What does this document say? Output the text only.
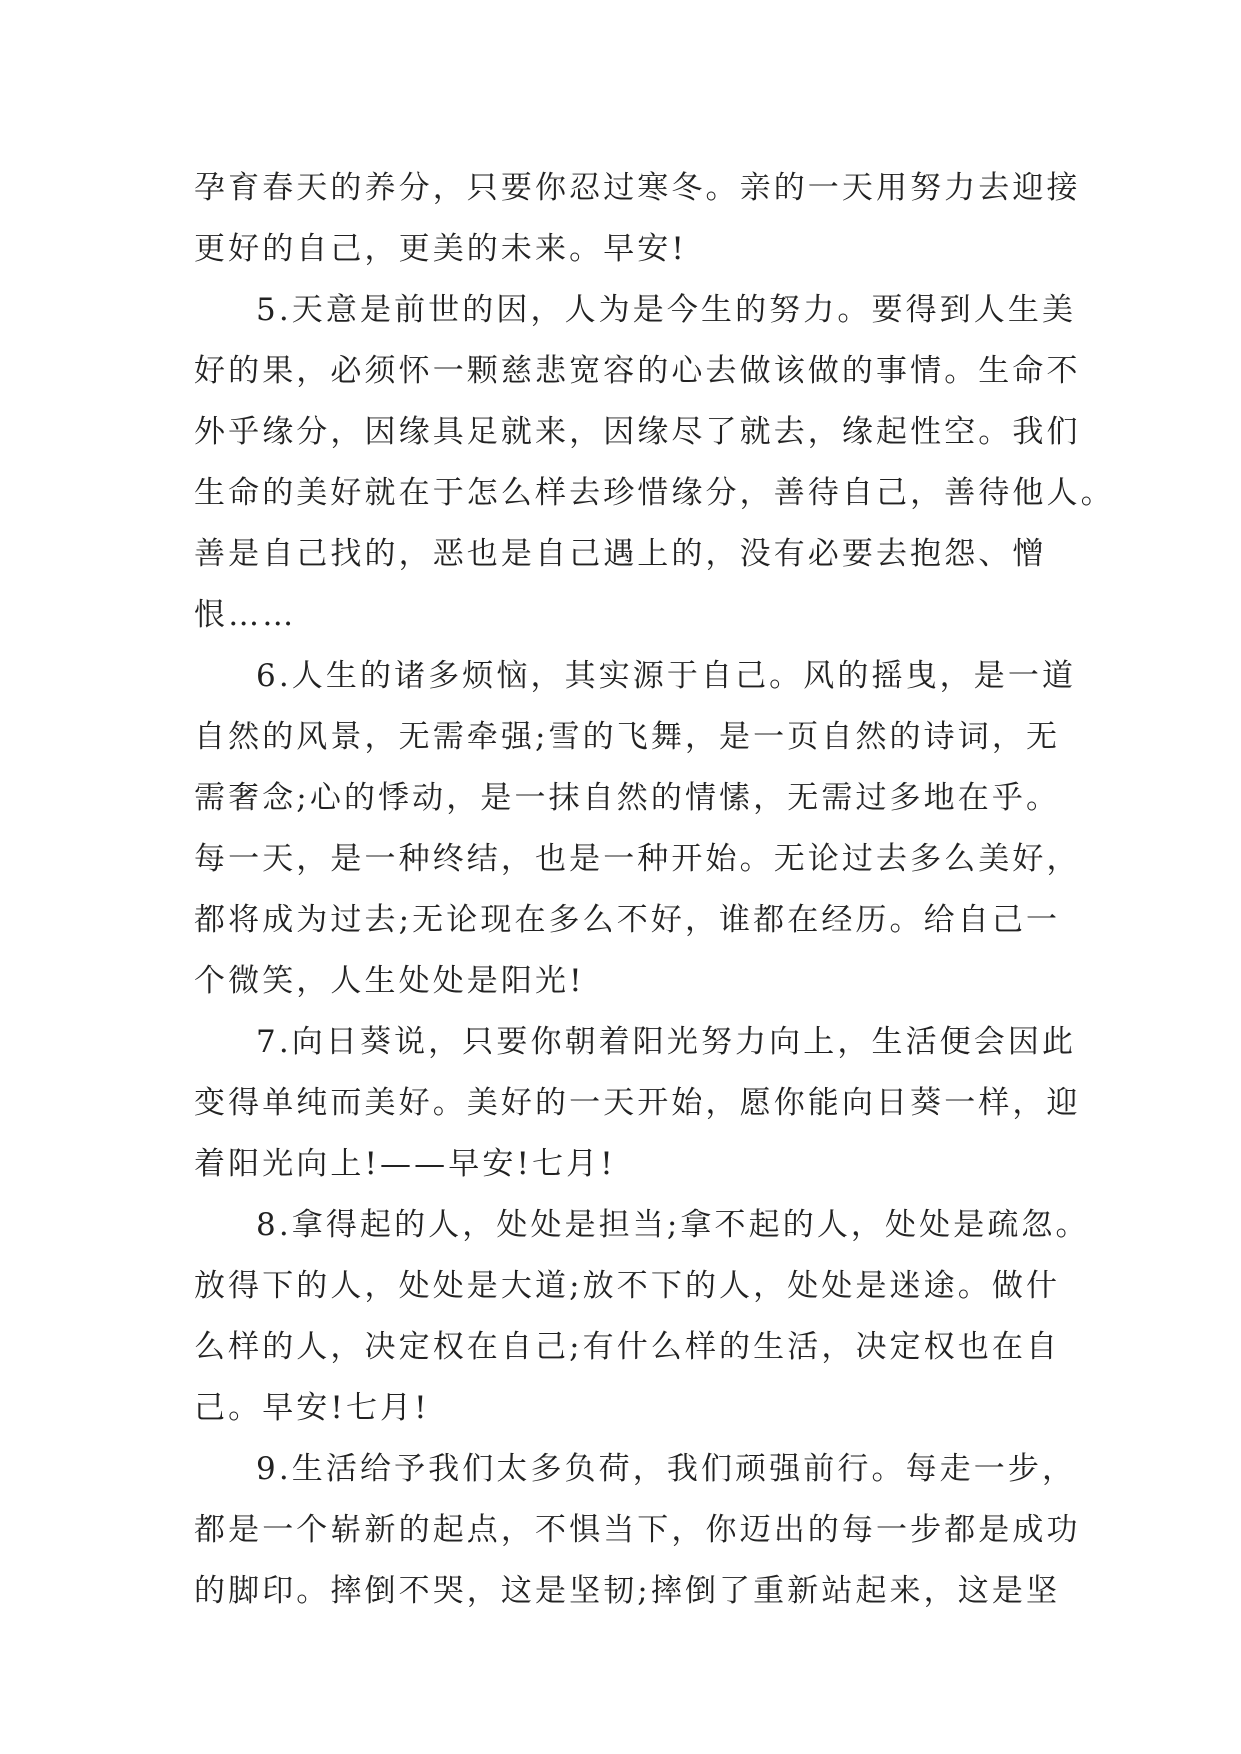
孕育春天的养分，只要你忍过寒冬。亲的一天用努力去迎接
更好的自己，更美的未来。早安!
5.天意是前世的因，人为是今生的努力。要得到人生美
好的果，必须怀一颗慈悲宽容的心去做该做的事情。生命不
外乎缘分，因缘具足就来，因缘尽了就去，缘起性空。我们
生命的美好就在于怎么样去珍惜缘分，善待自己，善待他人。
善是自己找的，恶也是自己遇上的，没有必要去抱怨、憎
恨……
6.人生的诸多烦恼，其实源于自己。风的摇曳，是一道
自然的风景，无需牵强;雪的飞舞，是一页自然的诗词，无
需奢念;心的悸动，是一抹自然的情愫，无需过多地在乎。
每一天，是一种终结，也是一种开始。无论过去多么美好，
都将成为过去;无论现在多么不好，谁都在经历。给自己一
个微笑，人生处处是阳光!
7.向日葵说，只要你朝着阳光努力向上，生活便会因此
变得单纯而美好。美好的一天开始，愿你能向日葵一样，迎
着阳光向上!——早安!七月!
8.拿得起的人，处处是担当;拿不起的人，处处是疏忽。
放得下的人，处处是大道;放不下的人，处处是迷途。做什
么样的人，决定权在自己;有什么样的生活，决定权也在自
己。早安!七月!
9.生活给予我们太多负荷，我们顽强前行。每走一步，
都是一个崭新的起点，不惧当下，你迈出的每一步都是成功
的脚印。摔倒不哭，这是坚韧;摔倒了重新站起来，这是坚
